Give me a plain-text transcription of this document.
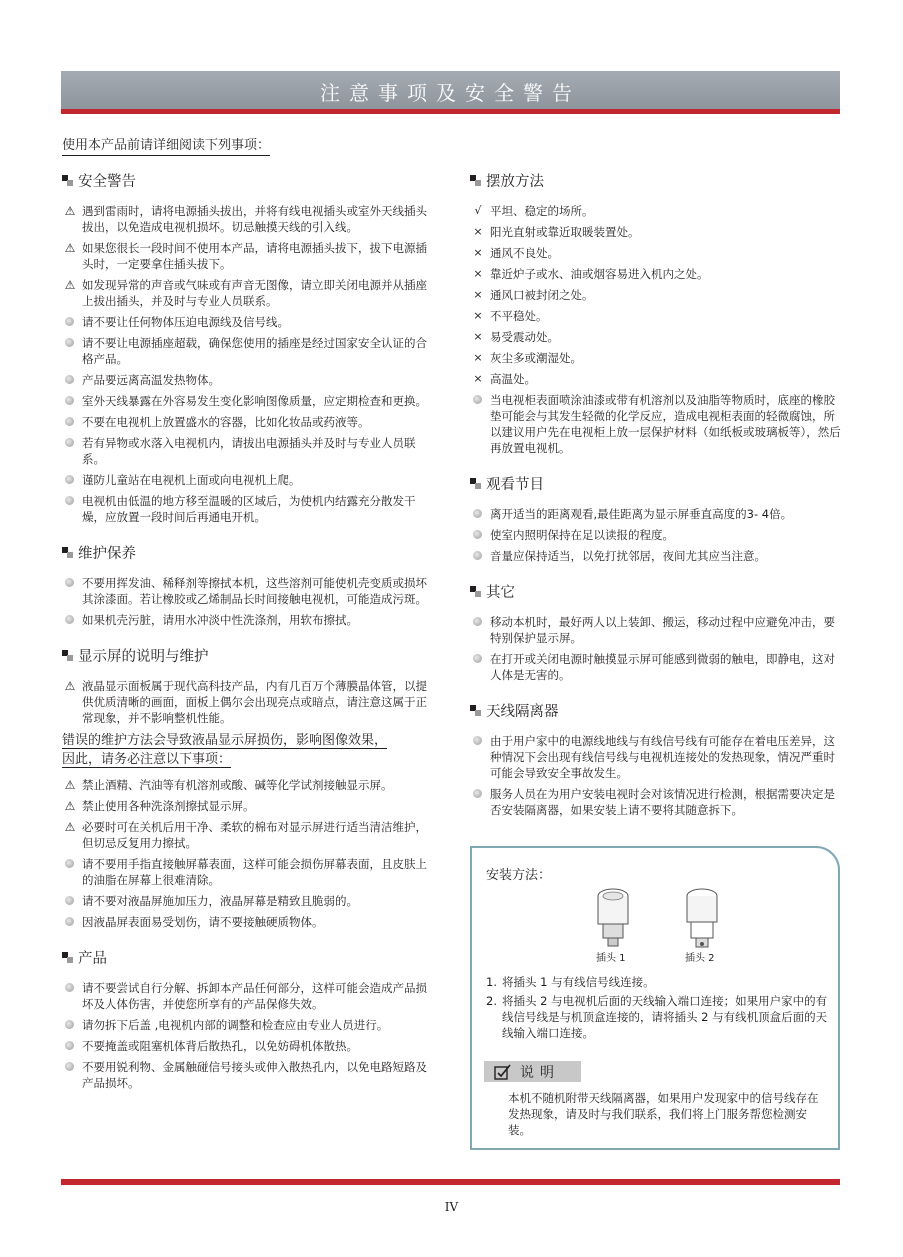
注意事项及安全警告
使用本产品前请详细阅读下列事项：
安全警告
⚠ 遇到雷雨时，请将电源插头拔出，并将有线电视插头或室外天线插头拔出，以免造成电视机损坏。切忌触摸天线的引入线。
⚠ 如果您很长一段时间不使用本产品，请将电源插头拔下，拔下电源插头时，一定要拿住插头拔下。
⚠ 如发现异常的声音或气味或有声音无图像，请立即关闭电源并从插座上拔出插头，并及时与专业人员联系。
请不要让任何物体压迫电源线及信号线。
请不要让电源插座超载，确保您使用的插座是经过国家安全认证的合格产品。
产品要远离高温发热物体。
室外天线暴露在外容易发生变化影响图像质量，应定期检查和更换。
不要在电视机上放置盛水的容器，比如化妆品或药液等。
若有异物或水落入电视机内，请拔出电源插头并及时与专业人员联系。
谨防儿童站在电视机上面或向电视机上爬。
电视机由低温的地方移至温暖的区域后，为使机内结露充分散发干燥，应放置一段时间后再通电开机。
维护保养
不要用挥发油、稀释剂等擦拭本机，这些溶剂可能使机壳变质或损坏其涂漆面。若让橡胶或乙烯制品长时间接触电视机，可能造成污斑。
如果机壳污脏，请用水冲淡中性洗涤剂，用软布擦拭。
显示屏的说明与维护
⚠ 液晶显示面板属于现代高科技产品，内有几百万个薄膜晶体管，以提供优质清晰的画面，面板上偶尔会出现亮点或暗点，请注意这属于正常现象，并不影响整机性能。
错误的维护方法会导致液晶显示屏损伤，影响图像效果，
因此，请务必注意以下事项：
⚠ 禁止酒精、汽油等有机溶剂或酸、碱等化学试剂接触显示屏。
⚠ 禁止使用各种洗涤剂擦拭显示屏。
⚠ 必要时可在关机后用干净、柔软的棉布对显示屏进行适当清洁维护，但切忌反复用力擦拭。
请不要用手指直接触屏幕表面，这样可能会损伤屏幕表面，且皮肤上的油脂在屏幕上很难清除。
请不要对液晶屏施加压力，液晶屏幕是精致且脆弱的。
因液晶屏表面易受划伤，请不要接触硬质物体。
产品
请不要尝试自行分解、拆卸本产品任何部分，这样可能会造成产品损坏及人体伤害，并使您所享有的产品保修失效。
请勿拆下后盖 ,电视机内部的调整和检查应由专业人员进行。
不要掩盖或阻塞机体背后散热孔，以免妨碍机体散热。
不要用锐利物、金属触碰信号接头或伸入散热孔内，以免电路短路及产品损坏。
摆放方法
√ 平坦、稳定的场所。
× 阳光直射或靠近取暖装置处。
× 通风不良处。
× 靠近炉子或水、油或烟容易进入机内之处。
× 通风口被封闭之处。
× 不平稳处。
× 易受震动处。
× 灰尘多或潮湿处。
× 高温处。
当电视柜表面喷涂油漆或带有机溶剂以及油脂等物质时，底座的橡胶垫可能会与其发生轻微的化学反应，造成电视柜表面的轻微腐蚀，所以建议用户先在电视柜上放一层保护材料（如纸板或玻璃板等），然后再放置电视机。
观看节目
离开适当的距离观看,最佳距离为显示屏垂直高度的3- 4倍。
使室内照明保持在足以读报的程度。
音量应保持适当，以免打扰邻居，夜间尤其应当注意。
其它
移动本机时，最好两人以上装卸、搬运，移动过程中应避免冲击，要特别保护显示屏。
在打开或关闭电源时触摸显示屏可能感到微弱的触电，即静电，这对人体是无害的。
天线隔离器
由于用户家中的电源线地线与有线信号线有可能存在着电压差异，这种情况下会出现有线信号线与电视机连接处的发热现象，情况严重时可能会导致安全事故发生。
服务人员在为用户安装电视时会对该情况进行检测，根据需要决定是否安装隔离器，如果安装上请不要将其随意拆下。
安装方法：
插头 1	插头 2
1. 将插头 1 与有线信号线连接。
2. 将插头 2 与电视机后面的天线输入端口连接；如果用户家中的有线信号线是与机顶盒连接的，请将插头 2 与有线机顶盒后面的天线输入端口连接。
说明
本机不随机附带天线隔离器，如果用户发现家中的信号线存在发热现象，请及时与我们联系，我们将上门服务帮您检测安装。
IV
